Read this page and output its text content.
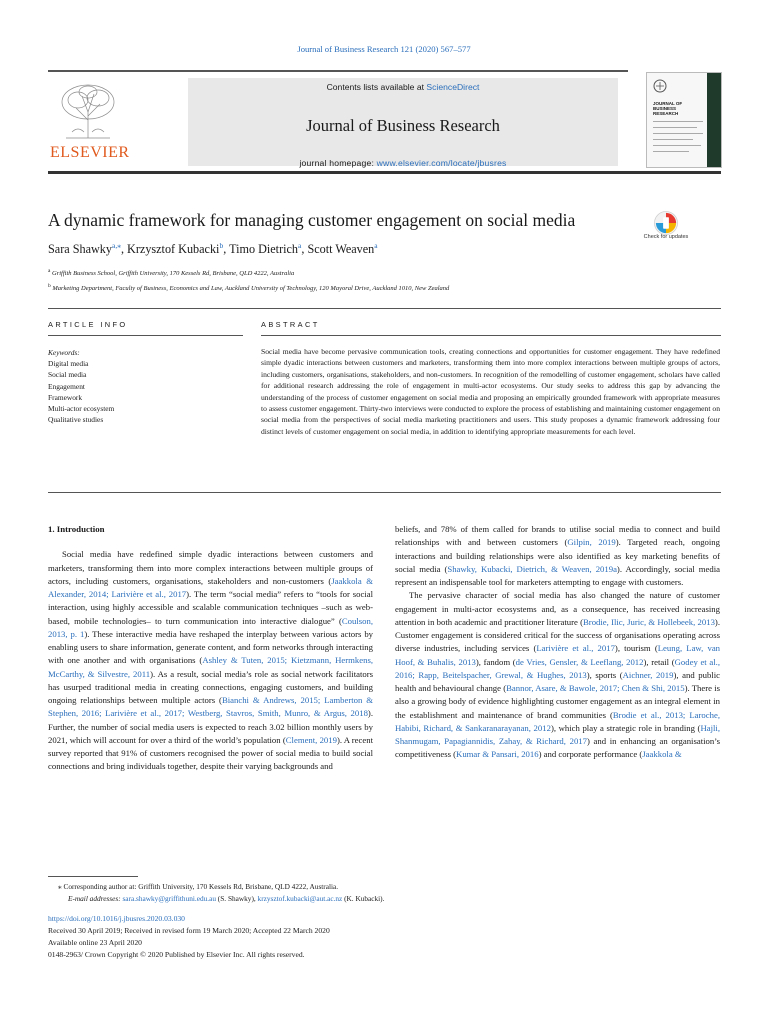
Journal of Business Research 121 (2020) 567–577
ELSEVIER
Contents lists available at ScienceDirect
Journal of Business Research
journal homepage: www.elsevier.com/locate/jbusres
JOURNAL OF BUSINESS RESEARCH
A dynamic framework for managing customer engagement on social media
Check for updates
Sara Shawky$^{a,⁎}$, Krzysztof Kubacki$^b$, Timo Dietrich$^a$, Scott Weaven$^a$
$^a$ Griffith Business School, Griffith University, 170 Kessels Rd, Brisbane, QLD 4222, Australia
$^b$ Marketing Department, Faculty of Business, Economics and Law, Auckland University of Technology, 120 Mayoral Drive, Auckland 1010, New Zealand
ARTICLE INFO	ABSTRACT
Keywords:
Digital media
Social media
Engagement
Framework
Multi-actor ecosystem
Qualitative studies
Social media have become pervasive communication tools, creating connections and opportunities for customer engagement. They have redefined simple dyadic interactions between customers and marketers, transforming them into more complex interactions between multiple groups of actors, including customers, organisations, stakeholders, and non-customers. In recognition of the remodelling of customer engagement, scholars have called for additional research addressing the role of engagement in multi-actor ecosystems. Our study seeks to address this gap by advancing the understanding of the process of customer engagement on social media and proposing an empirically grounded framework with appropriate measures to assess customer engagement. Thirty-two interviews were conducted to explore the process of establishing and maintaining customer engagement on social media from the perspectives of social media marketing practitioners and users. This study proposes a dynamic framework addressing four distinct levels of customer engagement on social media, in addition to identifying appropriate measurements for each level.
1. Introduction

Social media have redefined simple dyadic interactions between customers and marketers, transforming them into more complex interactions between multiple groups of actors, including customers, organisations, stakeholders and non-customers (Jaakkola & Alexander, 2014; Larivière et al., 2017). The term “social media” refers to “tools for social interaction, using highly accessible and scalable communication techniques –such as web-based, mobile technologies– to turn communication into interactive dialogue” (Coulson, 2013, p. 1). These interactive media have reshaped the interplay between various actors by enabling users to share information, generate content, and form networks through interacting with one another and with organisations (Ashley & Tuten, 2015; Kietzmann, Hermkens, McCarthy, & Silvestre, 2011). As a result, social media’s role as social network facilitators has usurped traditional media in creating connections, engaging customers, and building ongoing relationships between multiple actors (Bianchi & Andrews, 2015; Lamberton & Stephen, 2016; Larivière et al., 2017; Westberg, Stavros, Smith, Munro, & Argus, 2018). Further, the number of social media users is expected to reach 3.02 billion monthly users by 2021, which will account for over a third of the world’s population (Clement, 2019). A recent survey reported that 91% of customers recognised the power of social media to build social connections and bring individuals together, despite their varying backgrounds and

beliefs, and 78% of them called for brands to utilise social media to connect and build relationships with and between customers (Gilpin, 2019). Targeted reach, ongoing interactions and building relationships were also identified as key marketing benefits of social media (Shawky, Kubacki, Dietrich, & Weaven, 2019a). Accordingly, social media represent an indispensable tool for marketers attempting to engage with customers.

The pervasive character of social media has also changed the nature of customer engagement in multi-actor ecosystems and, as a consequence, has received increasing attention in both academic and practitioner literature (Brodie, Ilic, Juric, & Hollebeek, 2013). Customer engagement is considered critical for the success of organisations operating across diverse industries, including services (Larivière et al., 2017), tourism (Leung, Law, van Hoof, & Buhalis, 2013), fandom (de Vries, Gensler, & Leeflang, 2012), retail (Godey et al., 2016; Rapp, Beitelspacher, Grewal, & Hughes, 2013), sports (Aichner, 2019), and public health and behavioural change (Bannor, Asare, & Bawole, 2017; Chen & Shi, 2015). There is also a growing body of evidence highlighting customer engagement as an integral element in the establishment and maintenance of brand communities (Brodie et al., 2013; Laroche, Habibi, Richard, & Sankaranarayanan, 2012), which play a strategic role in branding (Hajli, Shanmugam, Papagiannidis, Zahay, & Richard, 2017) and in enhancing an organisation’s competitiveness (Kumar & Pansari, 2016) and corporate performance (Jaakkola &

⁎ Corresponding author at: Griffith University, 170 Kessels Rd, Brisbane, QLD 4222, Australia.
E-mail addresses: sara.shawky@griffithuni.edu.au (S. Shawky), krzysztof.kubacki@aut.ac.nz (K. Kubacki).
https://doi.org/10.1016/j.jbusres.2020.03.030
Received 30 April 2019; Received in revised form 19 March 2020; Accepted 22 March 2020
Available online 23 April 2020
0148-2963/ Crown Copyright © 2020 Published by Elsevier Inc. All rights reserved.
